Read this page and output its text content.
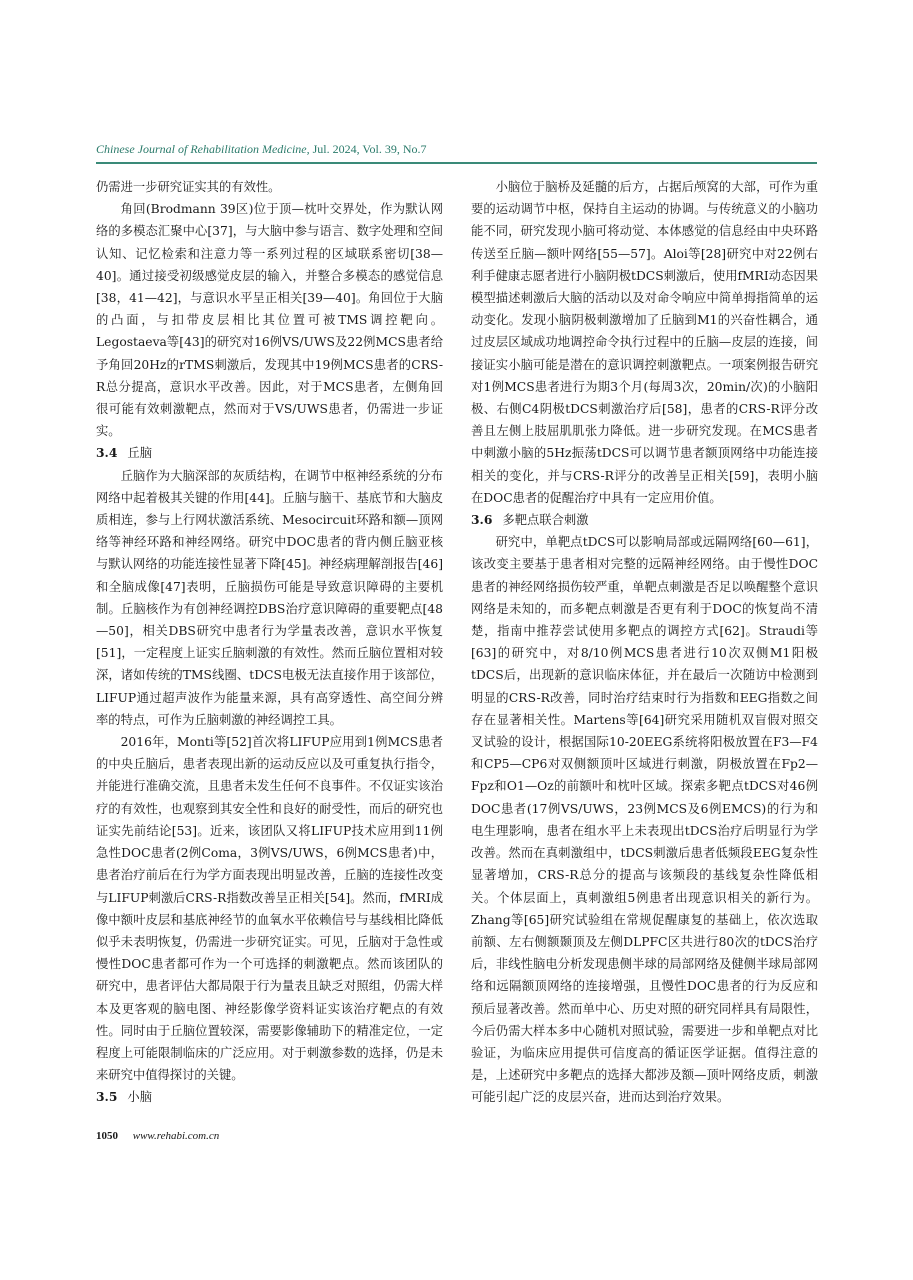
Chinese Journal of Rehabilitation Medicine, Jul. 2024, Vol. 39, No.7

仍需进一步研究证实其的有效性。

角回(Brodmann 39区)位于顶—枕叶交界处，作为默认网络的多模态汇聚中心[37]，与大脑中参与语言、数字处理和空间认知、记忆检索和注意力等一系列过程的区域联系密切[38—40]。通过接受初级感觉皮层的输入，并整合多模态的感觉信息[38，41—42]，与意识水平呈正相关[39—40]。角回位于大脑的凸面，与扣带皮层相比其位置可被TMS调控靶向。Legostaeva等[43]的研究对16例VS/UWS及22例MCS患者给予角回20Hz的rTMS刺激后，发现其中19例MCS患者的CRS-R总分提高，意识水平改善。因此，对于MCS患者，左侧角回很可能有效刺激靶点，然而对于VS/UWS患者，仍需进一步证实。

3.4 丘脑

丘脑作为大脑深部的灰质结构，在调节中枢神经系统的分布网络中起着极其关键的作用[44]。丘脑与脑干、基底节和大脑皮质相连，参与上行网状激活系统、Mesocircuit环路和额—顶网络等神经环路和神经网络。研究中DOC患者的背内侧丘脑亚核与默认网络的功能连接性显著下降[45]。神经病理解剖报告[46]和全脑成像[47]表明，丘脑损伤可能是导致意识障碍的主要机制。丘脑核作为有创神经调控DBS治疗意识障碍的重要靶点[48—50]，相关DBS研究中患者行为学量表改善，意识水平恢复[51]，一定程度上证实丘脑刺激的有效性。然而丘脑位置相对较深，诸如传统的TMS线圈、tDCS电极无法直接作用于该部位，LIFUP通过超声波作为能量来源，具有高穿透性、高空间分辨率的特点，可作为丘脑刺激的神经调控工具。

2016年，Monti等[52]首次将LIFUP应用到1例MCS患者的中央丘脑后，患者表现出新的运动反应以及可重复执行指令，并能进行准确交流，且患者未发生任何不良事件。不仅证实该治疗的有效性，也观察到其安全性和良好的耐受性，而后的研究也证实先前结论[53]。近来，该团队又将LIFUP技术应用到11例急性DOC患者(2例Coma，3例VS/UWS，6例MCS患者)中，患者治疗前后在行为学方面表现出明显改善，丘脑的连接性改变与LIFUP刺激后CRS-R指数改善呈正相关[54]。然而，fMRI成像中额叶皮层和基底神经节的血氧水平依赖信号与基线相比降低似乎未表明恢复，仍需进一步研究证实。可见，丘脑对于急性或慢性DOC患者都可作为一个可选择的刺激靶点。然而该团队的研究中，患者评估大都局限于行为量表且缺乏对照组，仍需大样本及更客观的脑电图、神经影像学资料证实该治疗靶点的有效性。同时由于丘脑位置较深，需要影像辅助下的精准定位，一定程度上可能限制临床的广泛应用。对于刺激参数的选择，仍是未来研究中值得探讨的关键。

3.5 小脑

小脑位于脑桥及延髓的后方，占据后颅窝的大部，可作为重要的运动调节中枢，保持自主运动的协调。与传统意义的小脑功能不同，研究发现小脑可将动觉、本体感觉的信息经由中央环路传送至丘脑—额叶网络[55—57]。Aloi等[28]研究中对22例右利手健康志愿者进行小脑阴极tDCS刺激后，使用fMRI动态因果模型描述刺激后大脑的活动以及对命令响应中简单拇指简单的运动变化。发现小脑阴极刺激增加了丘脑到M1的兴奋性耦合，通过皮层区域成功地调控命令执行过程中的丘脑—皮层的连接，间接证实小脑可能是潜在的意识调控刺激靶点。一项案例报告研究对1例MCS患者进行为期3个月(每周3次，20min/次)的小脑阳极、右侧C4阴极tDCS刺激治疗后[58]，患者的CRS-R评分改善且左侧上肢屈肌肌张力降低。进一步研究发现。在MCS患者中刺激小脑的5Hz振荡tDCS可以调节患者额顶网络中功能连接相关的变化，并与CRS-R评分的改善呈正相关[59]，表明小脑在DOC患者的促醒治疗中具有一定应用价值。

3.6 多靶点联合刺激

研究中，单靶点tDCS可以影响局部或远隔网络[60—61]，该改变主要基于患者相对完整的远隔神经网络。由于慢性DOC患者的神经网络损伤较严重，单靶点刺激是否足以唤醒整个意识网络是未知的，而多靶点刺激是否更有利于DOC的恢复尚不清楚，指南中推荐尝试使用多靶点的调控方式[62]。Straudi等[63]的研究中，对8/10例MCS患者进行10次双侧M1阳极tDCS后，出现新的意识临床体征，并在最后一次随访中检测到明显的CRS-R改善，同时治疗结束时行为指数和EEG指数之间存在显著相关性。Martens等[64]研究采用随机双盲假对照交叉试验的设计，根据国际10-20EEG系统将阳极放置在F3—F4和CP5—CP6对双侧额顶叶区域进行刺激，阴极放置在Fp2—Fpz和O1—Oz的前额叶和枕叶区域。探索多靶点tDCS对46例DOC患者(17例VS/UWS，23例MCS及6例EMCS)的行为和电生理影响，患者在组水平上未表现出tDCS治疗后明显行为学改善。然而在真刺激组中，tDCS刺激后患者低频段EEG复杂性显著增加，CRS-R总分的提高与该频段的基线复杂性降低相关。个体层面上，真刺激组5例患者出现意识相关的新行为。Zhang等[65]研究试验组在常规促醒康复的基础上，依次选取前额、左右侧额颞顶及左侧DLPFC区共进行80次的tDCS治疗后，非线性脑电分析发现患侧半球的局部网络及健侧半球局部网络和远隔额顶网络的连接增强，且慢性DOC患者的行为反应和预后显著改善。然而单中心、历史对照的研究同样具有局限性，今后仍需大样本多中心随机对照试验，需要进一步和单靶点对比验证，为临床应用提供可信度高的循证医学证据。值得注意的是，上述研究中多靶点的选择大都涉及额—顶叶网络皮质，刺激可能引起广泛的皮层兴奋，进而达到治疗效果。

1050 www.rehabi.com.cn
